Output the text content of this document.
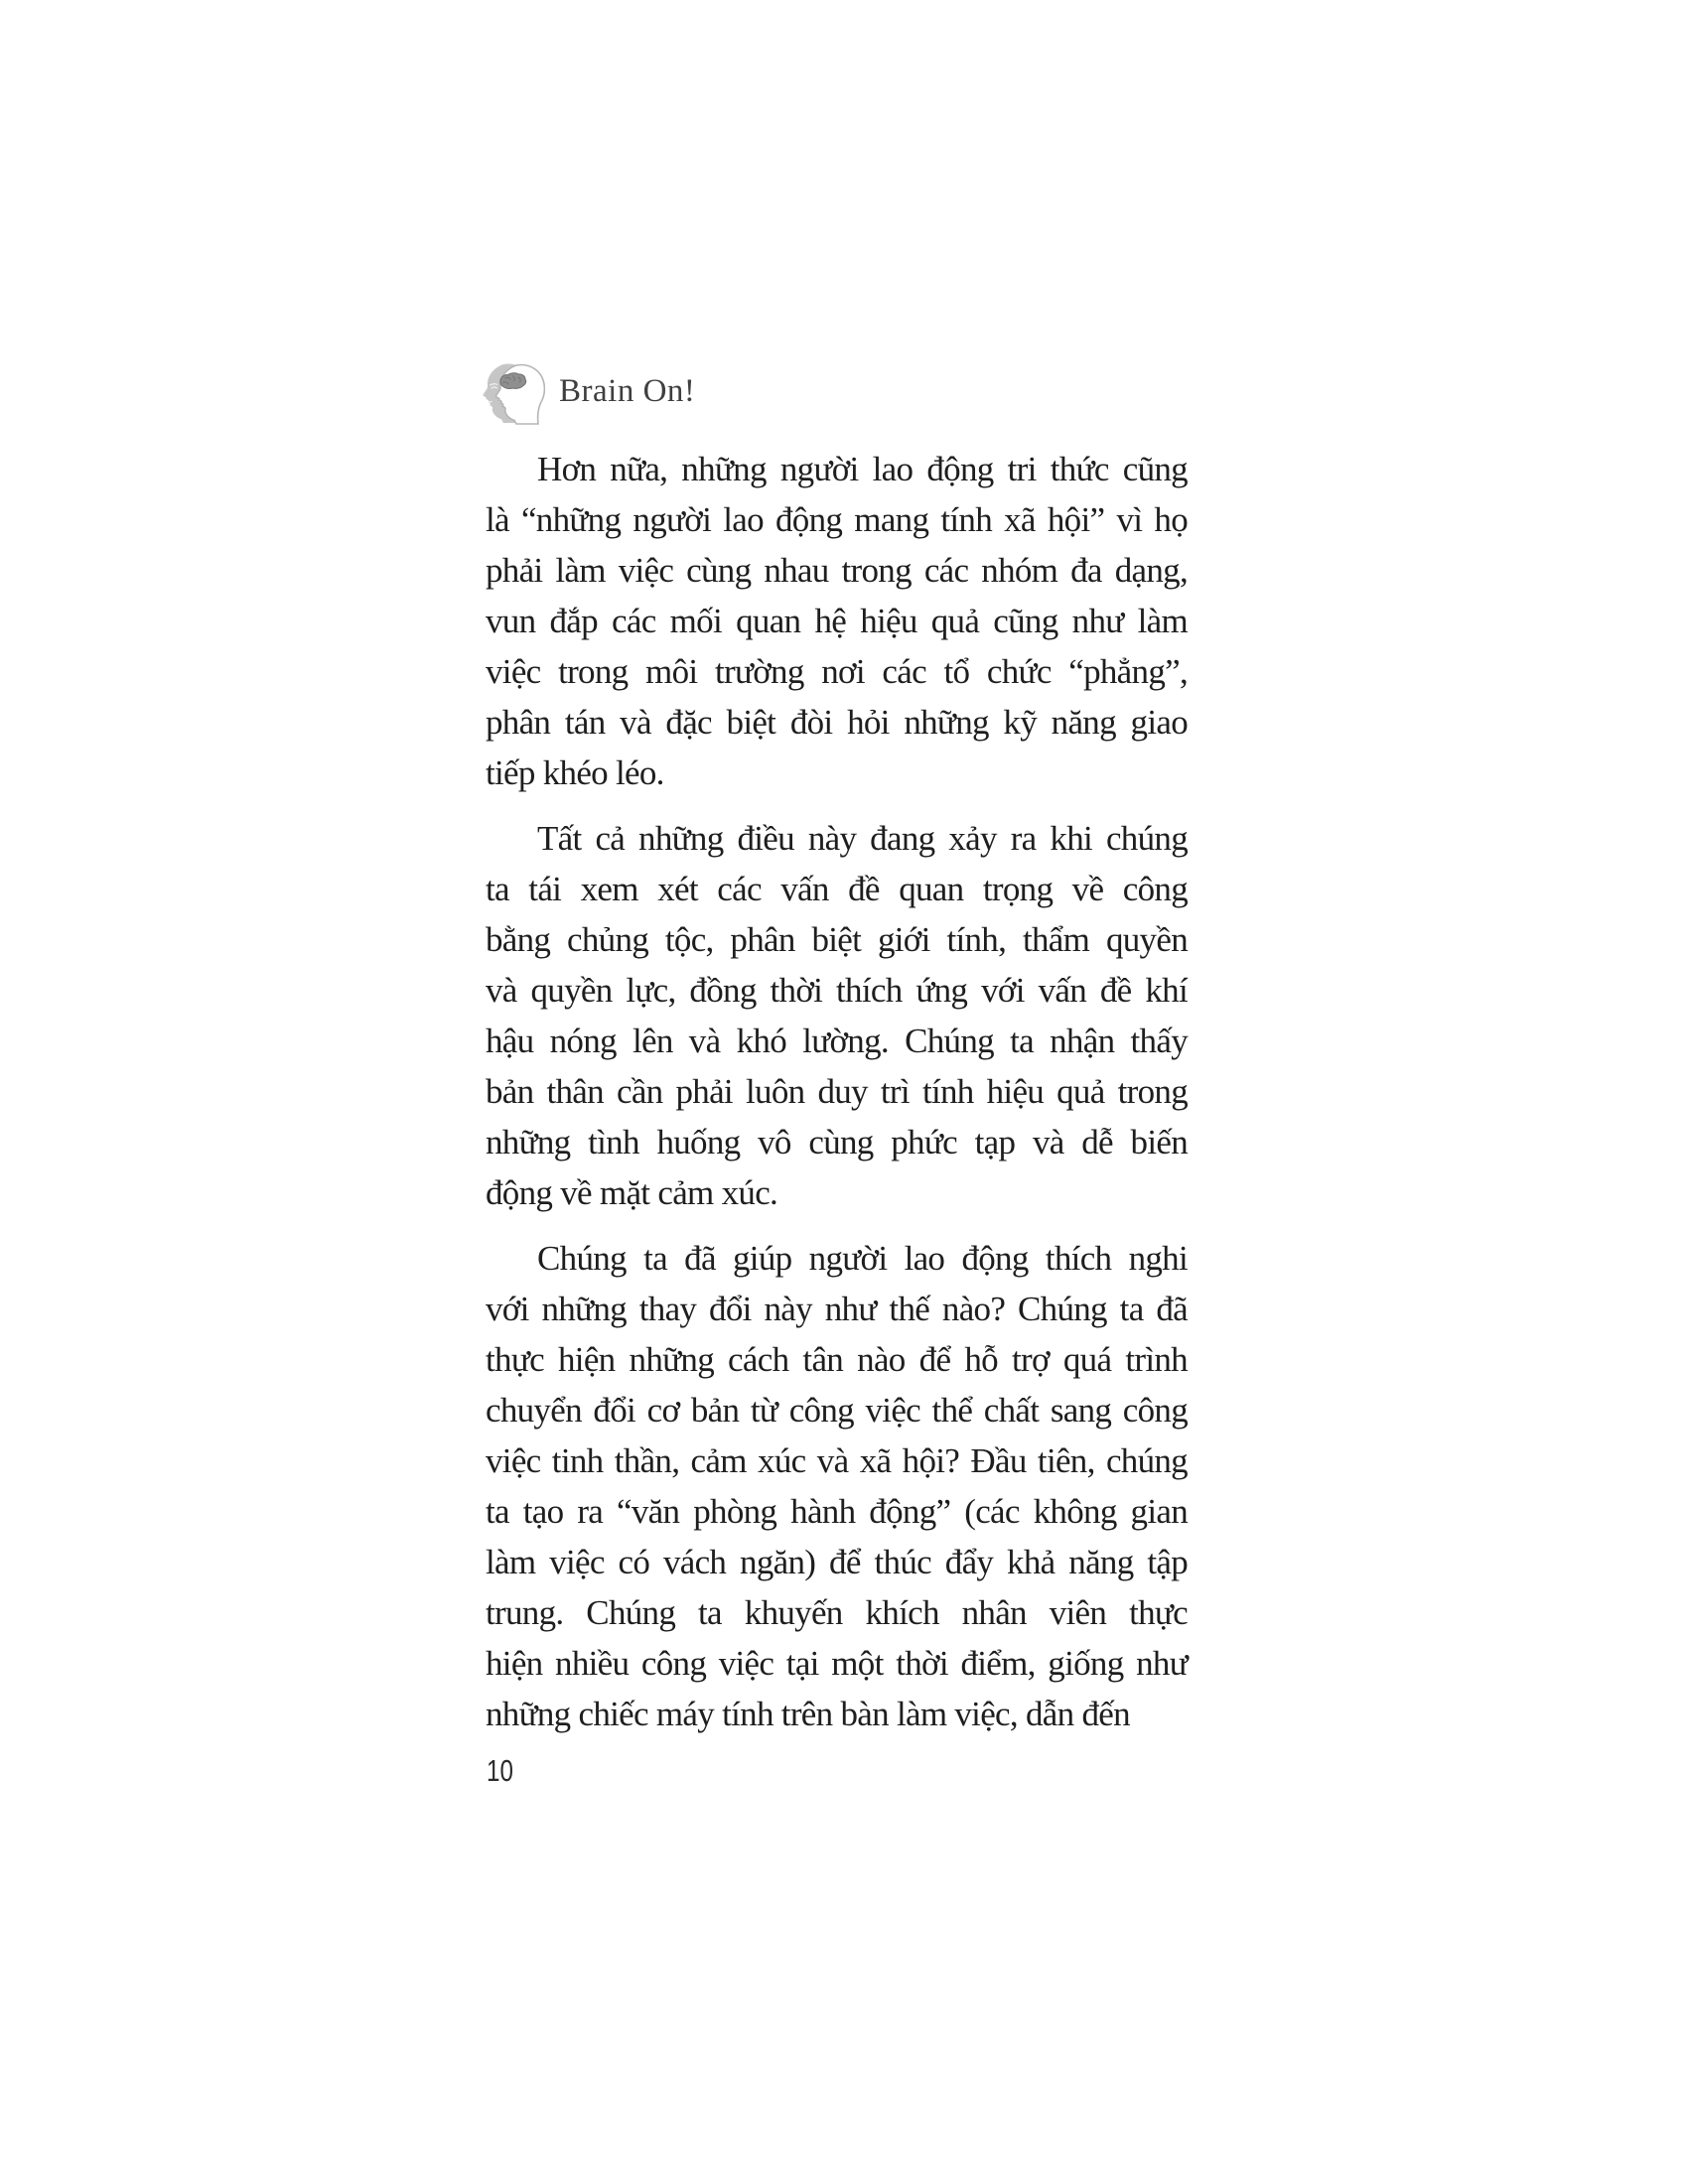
Brain On!
Hơn nữa, những người lao động tri thức cũng
là “những người lao động mang tính xã hội” vì họ
phải làm việc cùng nhau trong các nhóm đa dạng,
vun đắp các mối quan hệ hiệu quả cũng như làm
việc trong môi trường nơi các tổ chức “phẳng”,
phân tán và đặc biệt đòi hỏi những kỹ năng giao
tiếp khéo léo.
Tất cả những điều này đang xảy ra khi chúng
ta tái xem xét các vấn đề quan trọng về công
bằng chủng tộc, phân biệt giới tính, thẩm quyền
và quyền lực, đồng thời thích ứng với vấn đề khí
hậu nóng lên và khó lường. Chúng ta nhận thấy
bản thân cần phải luôn duy trì tính hiệu quả trong
những tình huống vô cùng phức tạp và dễ biến
động về mặt cảm xúc.
Chúng ta đã giúp người lao động thích nghi
với những thay đổi này như thế nào? Chúng ta đã
thực hiện những cách tân nào để hỗ trợ quá trình
chuyển đổi cơ bản từ công việc thể chất sang công
việc tinh thần, cảm xúc và xã hội? Đầu tiên, chúng
ta tạo ra “văn phòng hành động” (các không gian
làm việc có vách ngăn) để thúc đẩy khả năng tập
trung. Chúng ta khuyến khích nhân viên thực
hiện nhiều công việc tại một thời điểm, giống như
những chiếc máy tính trên bàn làm việc, dẫn đến
10
